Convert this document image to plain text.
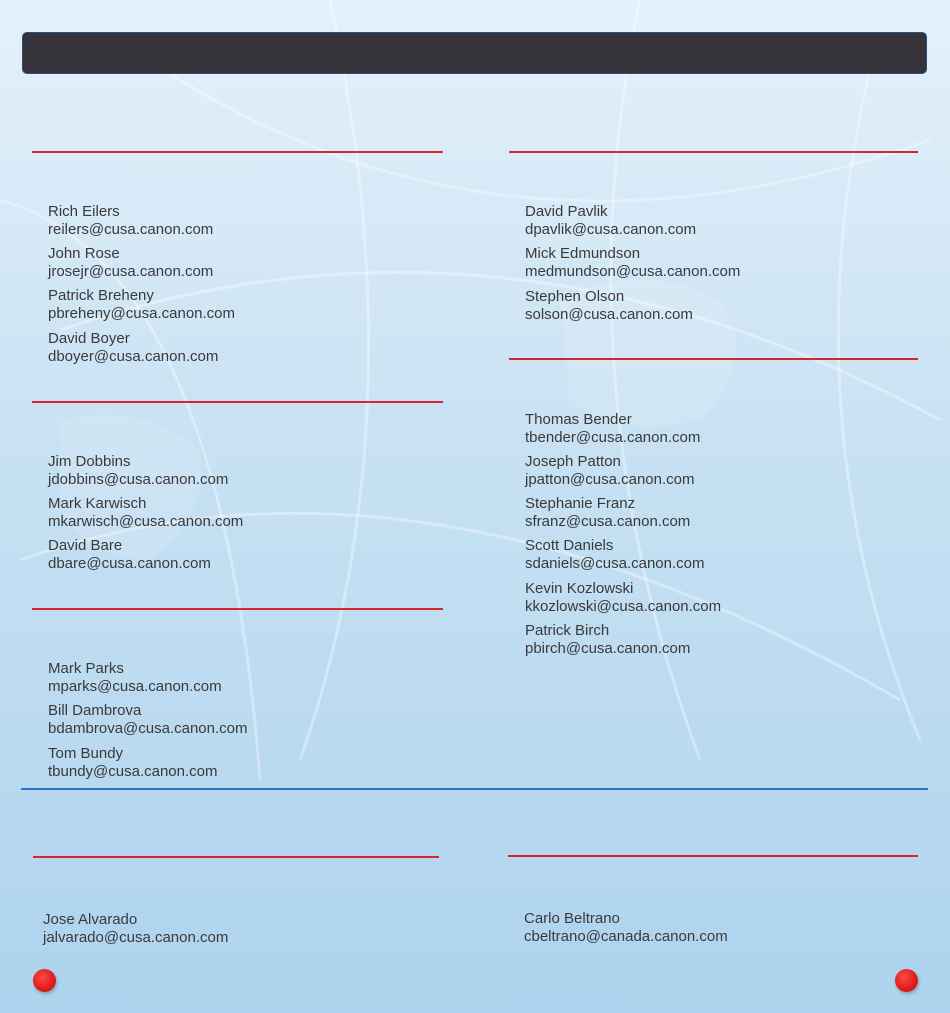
Rich Eilers
reilers@cusa.canon.com
John Rose
jrosejr@cusa.canon.com
Patrick Breheny
pbreheny@cusa.canon.com
David Boyer
dboyer@cusa.canon.com
Jim Dobbins
jdobbins@cusa.canon.com
Mark Karwisch
mkarwisch@cusa.canon.com
David Bare
dbare@cusa.canon.com
Mark Parks
mparks@cusa.canon.com
Bill Dambrova
bdambrova@cusa.canon.com
Tom Bundy
tbundy@cusa.canon.com
David Pavlik
dpavlik@cusa.canon.com
Mick Edmundson
medmundson@cusa.canon.com
Stephen Olson
solson@cusa.canon.com
Thomas Bender
tbender@cusa.canon.com
Joseph Patton
jpatton@cusa.canon.com
Stephanie Franz
sfranz@cusa.canon.com
Scott Daniels
sdaniels@cusa.canon.com
Kevin Kozlowski
kkozlowski@cusa.canon.com
Patrick Birch
pbirch@cusa.canon.com
Jose Alvarado
jalvarado@cusa.canon.com
Carlo Beltrano
cbeltrano@canada.canon.com
